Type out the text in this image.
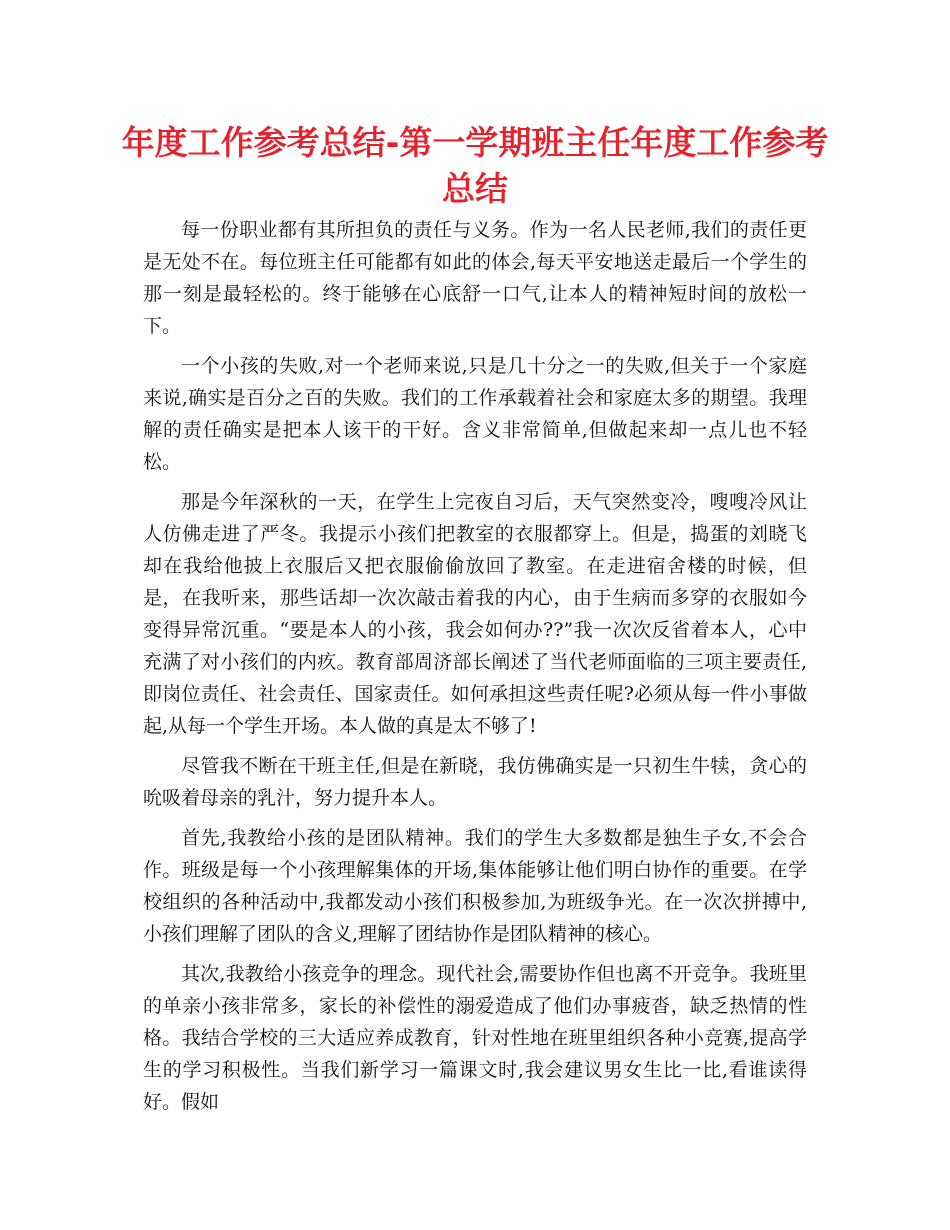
年度工作参考总结-第一学期班主任年度工作参考总结

每一份职业都有其所担负的责任与义务。作为一名人民老师,我们的责任更是无处不在。每位班主任可能都有如此的体会,每天平安地送走最后一个学生的那一刻是最轻松的。终于能够在心底舒一口气,让本人的精神短时间的放松一下。

一个小孩的失败,对一个老师来说,只是几十分之一的失败,但关于一个家庭来说,确实是百分之百的失败。我们的工作承载着社会和家庭太多的期望。我理解的责任确实是把本人该干的干好。含义非常简单,但做起来却一点儿也不轻松。

那是今年深秋的一天，在学生上完夜自习后，天气突然变冷，嗖嗖冷风让人仿佛走进了严冬。我提示小孩们把教室的衣服都穿上。但是，捣蛋的刘晓飞却在我给他披上衣服后又把衣服偷偷放回了教室。在走进宿舍楼的时候，但是，在我听来，那些话却一次次敲击着我的内心，由于生病而多穿的衣服如今变得异常沉重。“要是本人的小孩，我会如何办??”我一次次反省着本人，心中充满了对小孩们的内疚。教育部周济部长阐述了当代老师面临的三项主要责任,即岗位责任、社会责任、国家责任。如何承担这些责任呢?必须从每一件小事做起,从每一个学生开场。本人做的真是太不够了!

尽管我不断在干班主任,但是在新晓，我仿佛确实是一只初生牛犊，贪心的吮吸着母亲的乳汁，努力提升本人。

首先,我教给小孩的是团队精神。我们的学生大多数都是独生子女,不会合作。班级是每一个小孩理解集体的开场,集体能够让他们明白协作的重要。在学校组织的各种活动中,我都发动小孩们积极参加,为班级争光。在一次次拼搏中,小孩们理解了团队的含义,理解了团结协作是团队精神的核心。

其次,我教给小孩竞争的理念。现代社会,需要协作但也离不开竞争。我班里的单亲小孩非常多，家长的补偿性的溺爱造成了他们办事疲沓，缺乏热情的性格。我结合学校的三大适应养成教育，针对性地在班里组织各种小竞赛,提高学生的学习积极性。当我们新学习一篇课文时,我会建议男女生比一比,看谁读得好。假如
